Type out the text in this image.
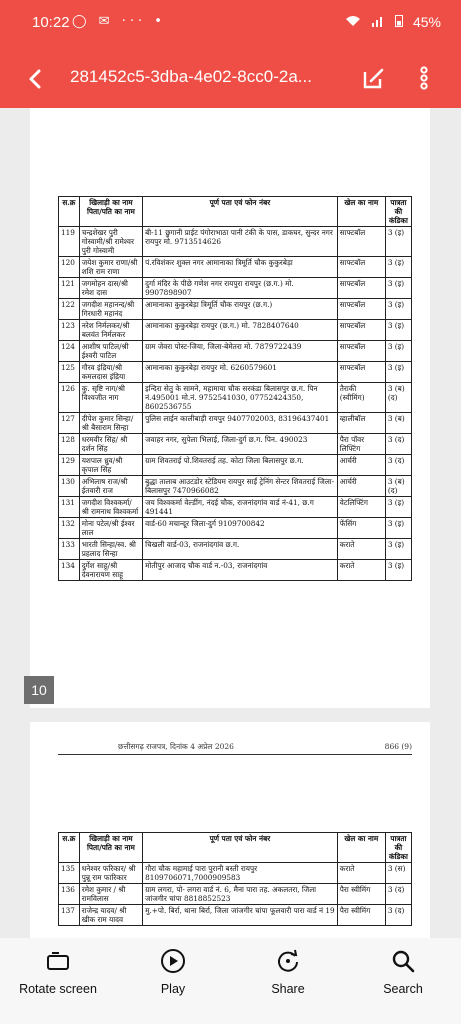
10:22 ◯ ✉ ··· •	45%
281452c5-3dba-4e02-8cc0-2a...
स.क्र	खिलाड़ी का नाम पिता/पति का नाम	पूर्ण पता एवं फोन नंबर	खेल का नाम	पात्रता की कंडिका
119	चन्द्रशेखर पुरी गोस्वामी/श्री रामेश्वर पुरी गोस्वामी	बी-11 छुगानी प्राईट पंगोराभाठा पानी टंकी के पास, डाकघर, सुन्दर नगर रायपुर मो. 9713514626	साफ्टबॉल	3 (इ)
120	जयेश कुमार राणा/श्री शशि राम राणा	पं.रविशंकर शुक्ल नगर आमानाका त्रिमूर्ति चौक कुकुरबेड़ा	साफ्टबॉल	3 (इ)
121	जगमोहन दास/श्री रमेश दास	दुर्गा मंदिर के पीछे गणेश नगर रायपुरा रायपुर (छ.ग.) मो. 9907898907	साफ्टबॉल	3 (इ)
122	जगदीश महानन्द/श्री गिरधारी महानंद	आमानाका कुकुरबेड़ा त्रिमूर्ति चौक रायपुर (छ.ग.)	साफ्टबॉल	3 (इ)
123	नरेश निर्मलकर/श्री बलवंत निर्मलकर	आमानाका कुकुरबेड़ा रायपुर (छ.ग.) मो. 7828407640	साफ्टबॉल	3 (इ)
124	आशीष पाटिल/श्री ईश्वरी पाटिल	ग्राम जेवरा पोस्ट-जिया, जिला-बेमेतरा मो. 7879722439	साफ्टबॉल	3 (इ)
125	गौरव इंद्रिया/श्री कमलदास इंद्रिया	आमानाका कुकुरबेड़ा रायपुर मो. 6260579601	साफ्टबॉल	3 (इ)
126	कु. सृष्टि नाग/श्री विश्वजीत नाग	इन्दिरा सेतु के सामने, महामाया चौक सरकंडा बिलासपुर छ.ग. पिन नं.495001 मो.नं. 9752541030, 07752424350, 8602536755	तैराकी (स्वीमिंग)	3 (ब) (द)
127	दीपेश कुमार सिन्हा/श्री बैसाराम सिन्हा	पुलिस लाईन कालीबाड़ी रायपुर 9407702003, 83196437401	व्हालीबॉल	3 (ब)
128	धरमवीर सिंह/ श्री दर्शन सिंह	जवाहर नगर, सुपेला भिलाई, जिला-दुर्ग छ.ग. पिन. 490023	पैरा पॉवर लिफ्टिंग	3 (द)
129	यशपाल ध्रुव/श्री कृपाल सिंह	ग्राम शिवतराई पो.शिवतराई तह. कोटा जिला बिलासपुर छ.ग.	आर्चरी	3 (द)
130	अभिलाष राज/श्री ईतवारी राज	बुद्धा तालाब आउटडोर स्टेडियम रायपुर साईं ट्रेनिंग सेन्टर शिवतराई जिला-बिलासपुर 7470966082	आर्चरी	3 (ब) (द)
131	जगदीश विश्वकर्मा/ श्री रामनाथ विश्वकर्मा	जय विश्वकर्मा वेल्डींग, नंदई चौक, राजनांदगांव वार्ड नं-41, छ.ग 491441	वेटलिफ्टिंग	3 (इ)
132	मोना पटेल/श्री ईश्वर लाल	वार्ड-60 मचान्दूर जिला-दुर्ग 9109700842	फेंसिंग	3 (इ)
133	भारती सिन्हा/स्व. श्री प्रहलाद सिन्हा	चिखली वार्ड-03, राजनांदगांव छ.ग.	कराते	3 (इ)
134	दुर्गेश साहू/श्री देवनारायण साहू	मोतीपुर आजाद चौक वार्ड न.-03, राजनांदगांव	कराते	3 (इ)
10
छत्तीसगढ़ राजपत्र, दिनांक 4 अप्रेल 2026	866 (9)
स.क्र	खिलाड़ी का नाम पिता/पति का नाम	पूर्ण पता एवं फोन नंबर	खेल का नाम	पात्रता की कंडिका
135	धनेश्वर फरिकार/ श्री पुन्नू राम फारिकार	गौरा चौक महामाई पारा पुरानी बस्ती रायपुर 8109706071,7000909583	कराते	3 (स)
136	रमेश कुमार / श्री रामविलास	ग्राम लगरा, पो- लगरा वार्ड नं. 6, मैना पारा तह. अकलतरा, जिला जांजगीर चांपा 8818852523	पैरा स्वीमिंग	3 (द)
137	राजेन्द्र यादव/ श्री खीक राम यादव	मु.+पो. बिर्रा, थाना बिर्रा, जिला जांजगीर चांपा फूलवारी पारा वार्ड नं 19	पैरा स्वीमिंग	3 (द)
Rotate screen	Play	Share	Search
